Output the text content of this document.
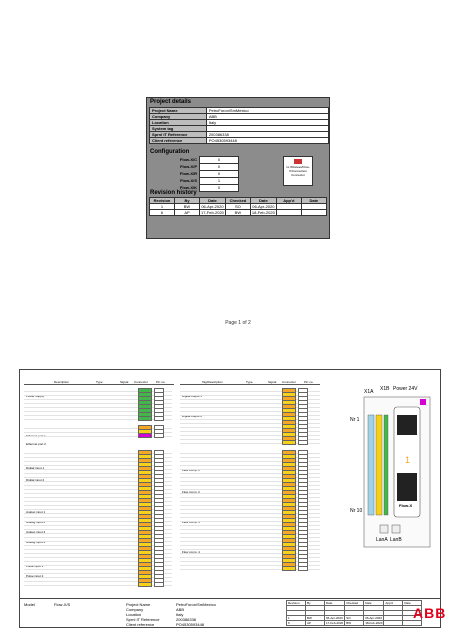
Project details
Project Name	PetroForon\SmMexico
Company	ABB
Location	Italy
System tag	
Sprnl IT Reference	200386338
Client reference	PO4530593448
Configuration
Flow-X/C	0
Flow-X/P	0
Flow-X/R	0
Flow-X/S	1
Flow-X/K	0
Revision history
Revision	By	Date	Checked	Date	App'd	Date
1	BW	06-Apr-2020	SO	06-Apr-2020		
6	AP	17-Feb-2020	BW	18-Feb-2020		
1x Wireless/Flow-X/Connection Connector
Page 1 of 2
Description	Type	Signal	Connector	Pin no.
Power supply
Ethernet port 1
Ethernet port 2
Digital input 1
Digital input 2
Analog input 1
Analog input 2
Analog input 3
Analog input 4
Pulse input 1
Pulse input 2
Tag/Description	Type	Signal	Connector	Pin no.
Digital output 1
Digital output 2
Flow comp. 1
Flow comp. 2
Flow comp. 3
Flow comp. 4
X1A X1B Power 24V
Nr 1
Nr 10
1
Flow-X
LanA LanB
Model	Flow-X/S	Project Name	PetroForon\SmMexico
Company	ABB
Location	Italy
Sprnl IT Reference	200386338
Client reference	PO4530593448
Revision	By	Date	Checked	Date	App'd	Date

1	BW	06-Apr-2020	SO	06-Apr-2020		
6	AP	17-Feb-2020	BW	18-Feb-2020		
ABB
